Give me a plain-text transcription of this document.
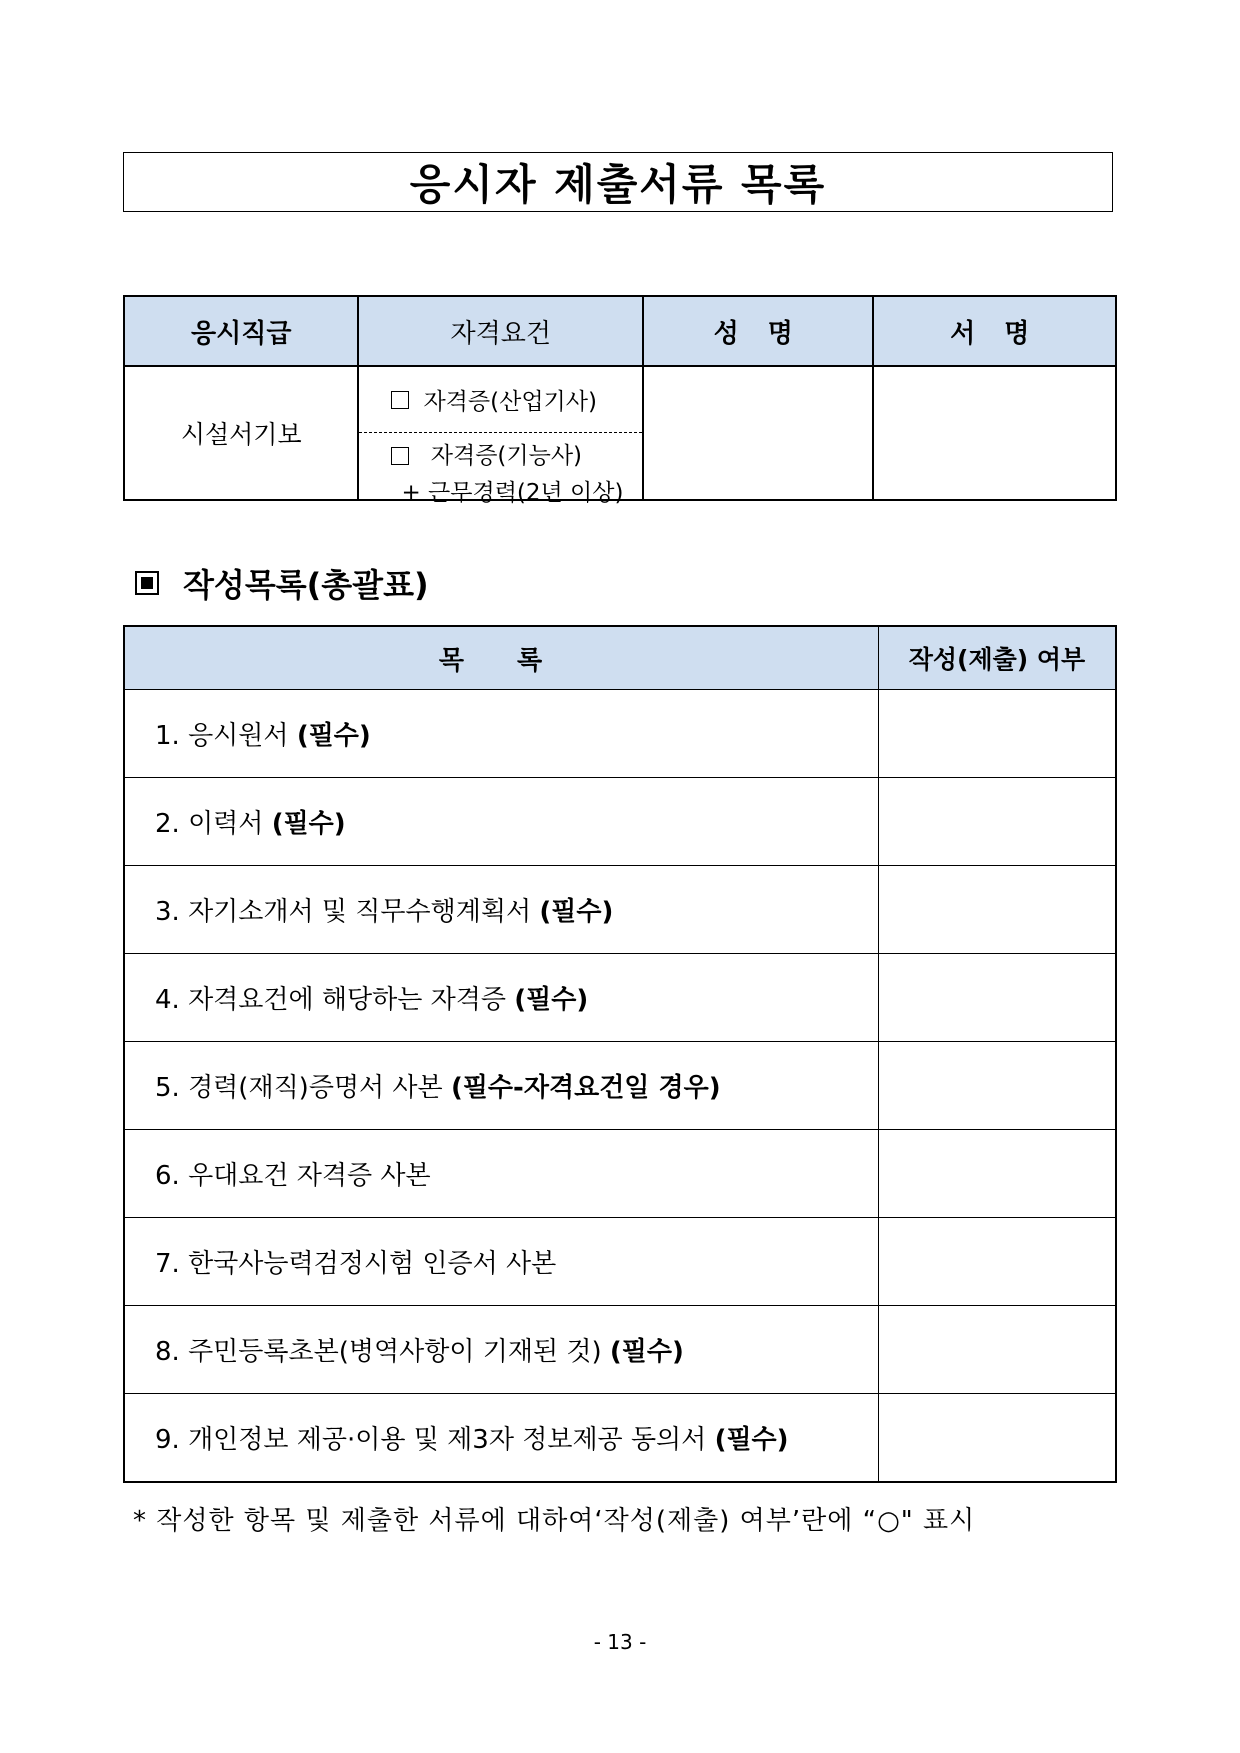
응시자 제출서류 목록
응시직급	자격요건	성 명	서 명
시설서기보	자격증(산업기사)
자격증(기능사)
+ 근무경력(2년 이상)		

작성목록(총괄표)
목 록	작성(제출) 여부
1. 응시원서 (필수)	
2. 이력서 (필수)	
3. 자기소개서 및 직무수행계획서 (필수)	
4. 자격요건에 해당하는 자격증 (필수)	
5. 경력(재직)증명서 사본 (필수-자격요건일 경우)	
6. 우대요건 자격증 사본	
7. 한국사능력검정시험 인증서 사본	
8. 주민등록초본(병역사항이 기재된 것) (필수)	
9. 개인정보 제공·이용 및 제3자 정보제공 동의서 (필수)	
* 작성한 항목 및 제출한 서류에 대하여‘작성(제출) 여부’란에 “○" 표시
- 13 -
